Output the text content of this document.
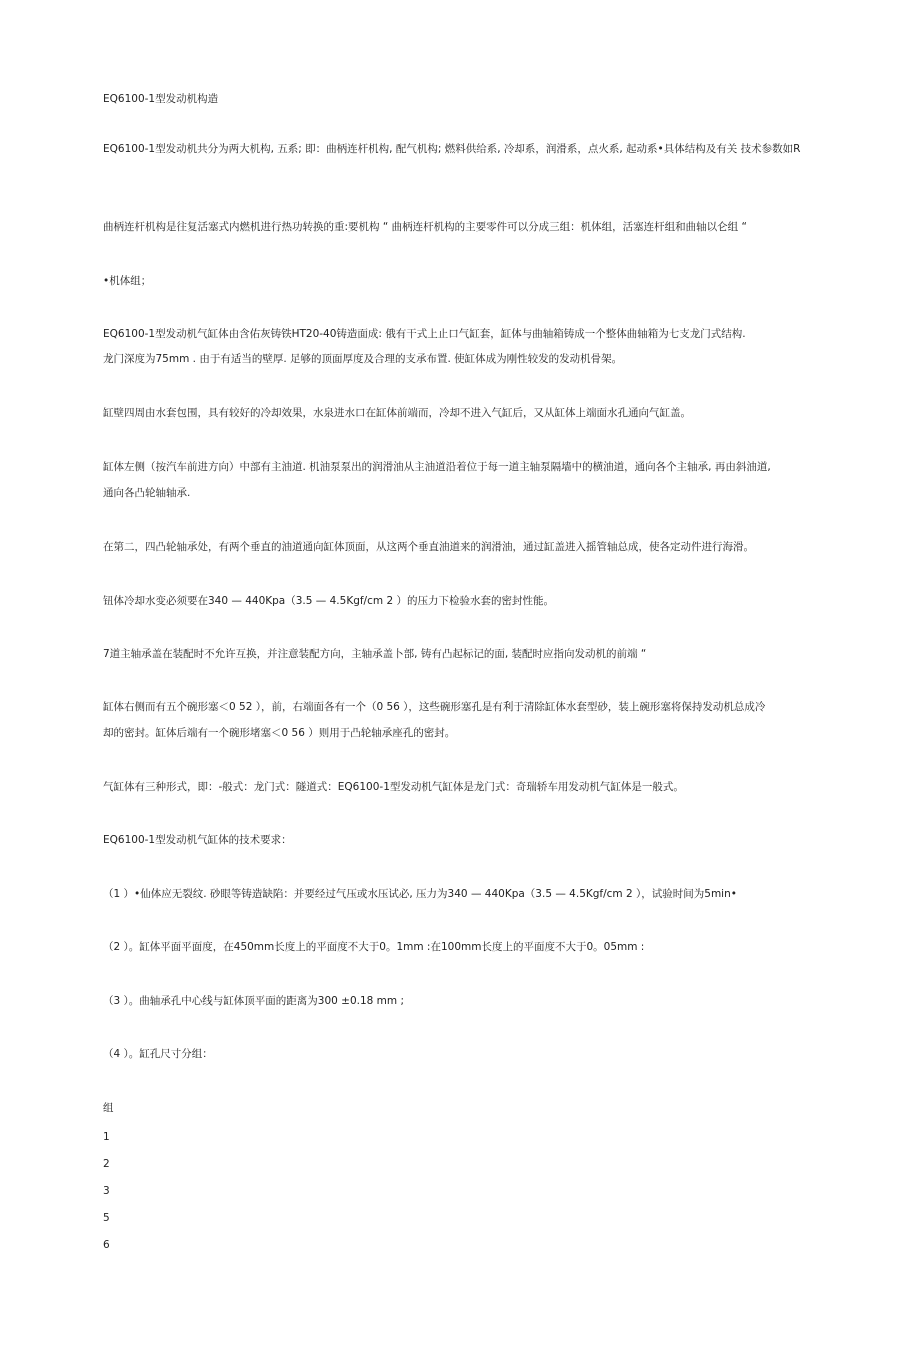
EQ6100-1型发动机构造
EQ6100-1型发动机共分为两大机构, 五系; 即：曲柄连杆机构, 配气机构; 燃料供给系, 冷却系，润滑系，点火系, 起动系•具体结构及有关 技术参数如R
曲柄连杆机构是往复活塞式内燃机进行热功转换的重:要机构 “ 曲柄连杆机构的主要零件可以分成三组：机体组，活塞连杆组和曲轴以仑组 “
•机体组；
EQ6100-1型发动机气缸体由含佑灰铸铁HT20-40铸造面成: 俄有干式上止口气缸套，缸体与曲轴箱铸成一个整体曲轴箱为七支龙门式结构.
龙门深度为75mm . 由于有适当的壁厚. 足够的顶面厚度及合理的支承布置. 使缸体成为刚性较发的发动机骨架。
缸壁四周由水套包围，具有较好的冷却效果，水泉进水口在缸体前端而，冷却不进入气缸后，又从缸体上端面水孔通向气缸盖。
缸体左侧（按汽车前进方向）中部有主油道. 机油泵泵出的润滑油从主油道沿着位于每一道主轴泵隔墙中的横油道，通向各个主轴承, 再由斜油道,
通向各凸轮轴轴承.
在第二，四凸轮轴承处，有两个垂直的油道通向缸体顶面，从这两个垂直油道来的润滑油，通过缸盖进入摇管轴总成，使各定动件进行海滑。
钮体冷却水变必须要在340 — 440Kpa（3.5 — 4.5Kgf/cm 2 ）的压力下检验水套的密封性能。
7道主轴承盖在装配时不允许互换，并注意装配方向，主轴承盖卜部, 铸有凸起标记的面, 装配时应指向发动机的前端 “
缸体右侧而有五个碗形塞＜0 52 ），前，右端面各有一个（0 56 ），这些碗形塞孔是有利于清除缸体水套型砂，装上碗形塞将保持发动机总成冷
却的密封。缸体后端有一个碗形堵塞＜0 56 ）则用于凸轮轴承座孔的密封。
气缸体有三种形式，即：-般式：龙门式：隧道式：EQ6100-1型发动机气缸体是龙门式：奇瑞轿车用发动机气缸体是一般式。
EQ6100-1型发动机气缸体的技术要求：
（1 ）•仙体应无裂纹. 砂眼等铸造缺陷：并要经过气压或水压试必, 压力为340 — 440Kpa（3.5 — 4.5Kgf/cm 2 ），试验时间为5min•
（2 ）。缸体平面平面度，在450mm长度上的平面度不大于0。1mm :在100mm长度上的平面度不大于0。05mm :
（3 ）。曲轴承孔中心线与缸体顶平面的距离为300 ±0.18 mm ;
（4 ）。缸孔尺寸分组：
组
1
2
3
5
6
